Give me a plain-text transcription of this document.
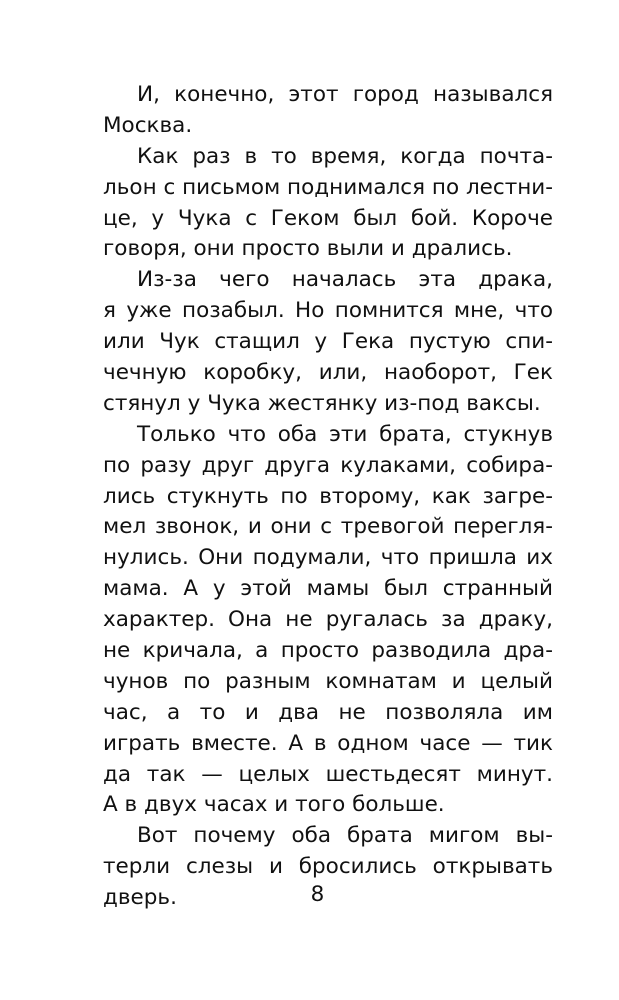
И, конечно, этот город назывался
Москва.
Как раз в то время, когда почта-
льон с письмом поднимался по лестни-
це, у Чука с Геком был бой. Короче
говоря, они просто выли и дрались.
Из-за чего началась эта драка,
я уже позабыл. Но помнится мне, что
или Чук стащил у Гека пустую спи-
чечную коробку, или, наоборот, Гек
стянул у Чука жестянку из-под ваксы.
Только что оба эти брата, стукнув
по разу друг друга кулаками, собира-
лись стукнуть по второму, как загре-
мел звонок, и они с тревогой перегля-
нулись. Они подумали, что пришла их
мама. А у этой мамы был странный
характер. Она не ругалась за драку,
не кричала, а просто разводила дра-
чунов по разным комнатам и целый
час, а то и два не позволяла им
играть вместе. А в одном часе — тик
да так — целых шестьдесят минут.
А в двух часах и того больше.
Вот почему оба брата мигом вы-
терли слезы и бросились открывать
дверь.	8
